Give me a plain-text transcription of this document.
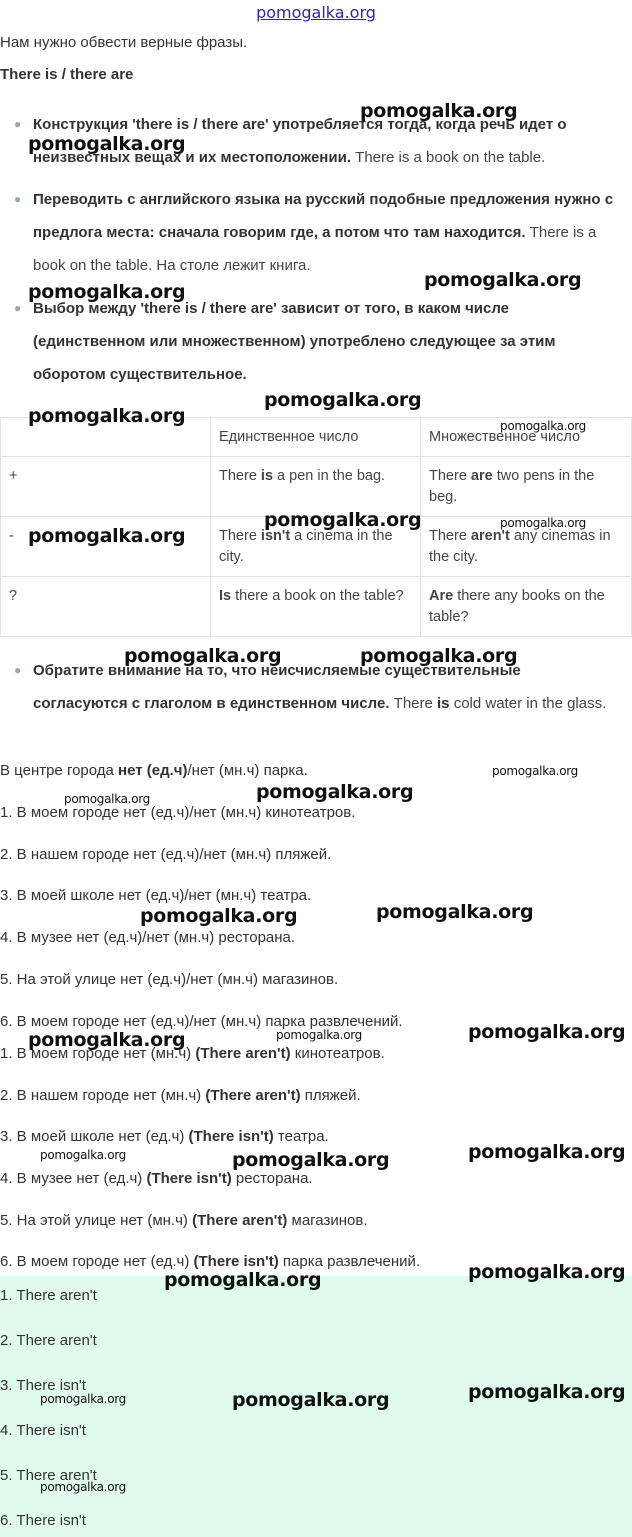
pomogalka.org
Нам нужно обвести верные фразы.
There is / there are
● Конструкция 'there is / there are' употребляется тогда, когда речь идет о неизвестных вещах и их местоположении. There is a book on the table.
● Переводить с английского языка на русский подобные предложения нужно с предлога места: сначала говорим где, а потом что там находится. There is a book on the table. На столе лежит книга.
● Выбор между 'there is / there are' зависит от того, в каком числе (единственном или множественном) употреблено следующее за этим оборотом существительное.
	Единственное число	Множественное число
+	There is a pen in the bag.	There are two pens in the beg.
-	There isn't a cinema in the city.	There aren't any cinemas in the city.
?	Is there a book on the table?	Are there any books on the table?
● Обратите внимание на то, что неисчисляемые существительные согласуются с глаголом в единственном числе. There is cold water in the glass.
В центре города нет (ед.ч)/нет (мн.ч) парка.
1. В моем городе нет (ед.ч)/нет (мн.ч) кинотеатров.
2. В нашем городе нет (ед.ч)/нет (мн.ч) пляжей.
3. В моей школе нет (ед.ч)/нет (мн.ч) театра.
4. В музее нет (ед.ч)/нет (мн.ч) ресторана.
5. На этой улице нет (ед.ч)/нет (мн.ч) магазинов.
6. В моем городе нет (ед.ч)/нет (мн.ч) парка развлечений.
1. В моем городе нет (мн.ч) (There aren't) кинотеатров.
2. В нашем городе нет (мн.ч) (There aren't) пляжей.
3. В моей школе нет (ед.ч) (There isn't) театра.
4. В музее нет (ед.ч) (There isn't) ресторана.
5. На этой улице нет (мн.ч) (There aren't) магазинов.
6. В моем городе нет (ед.ч) (There isn't) парка развлечений.
1. There aren't
2. There aren't
3. There isn't
4. There isn't
5. There aren't
6. There isn't
pomogalka.org
pomogalka.org
pomogalka.org
pomogalka.org
pomogalka.org
pomogalka.org	pomogalka.org
pomogalka.org	pomogalka.org
pomogalka.org
pomogalka.org	pomogalka.org
pomogalka.org
pomogalka.org
pomogalka.org
pomogalka.org	pomogalka.org
pomogalka.org
pomogalka.org	pomogalka.org
pomogalka.org
pomogalka.org
pomogalka.org
pomogalka.org	pomogalka.org
pomogalka.org	pomogalka.org
pomogalka.org
pomogalka.org
